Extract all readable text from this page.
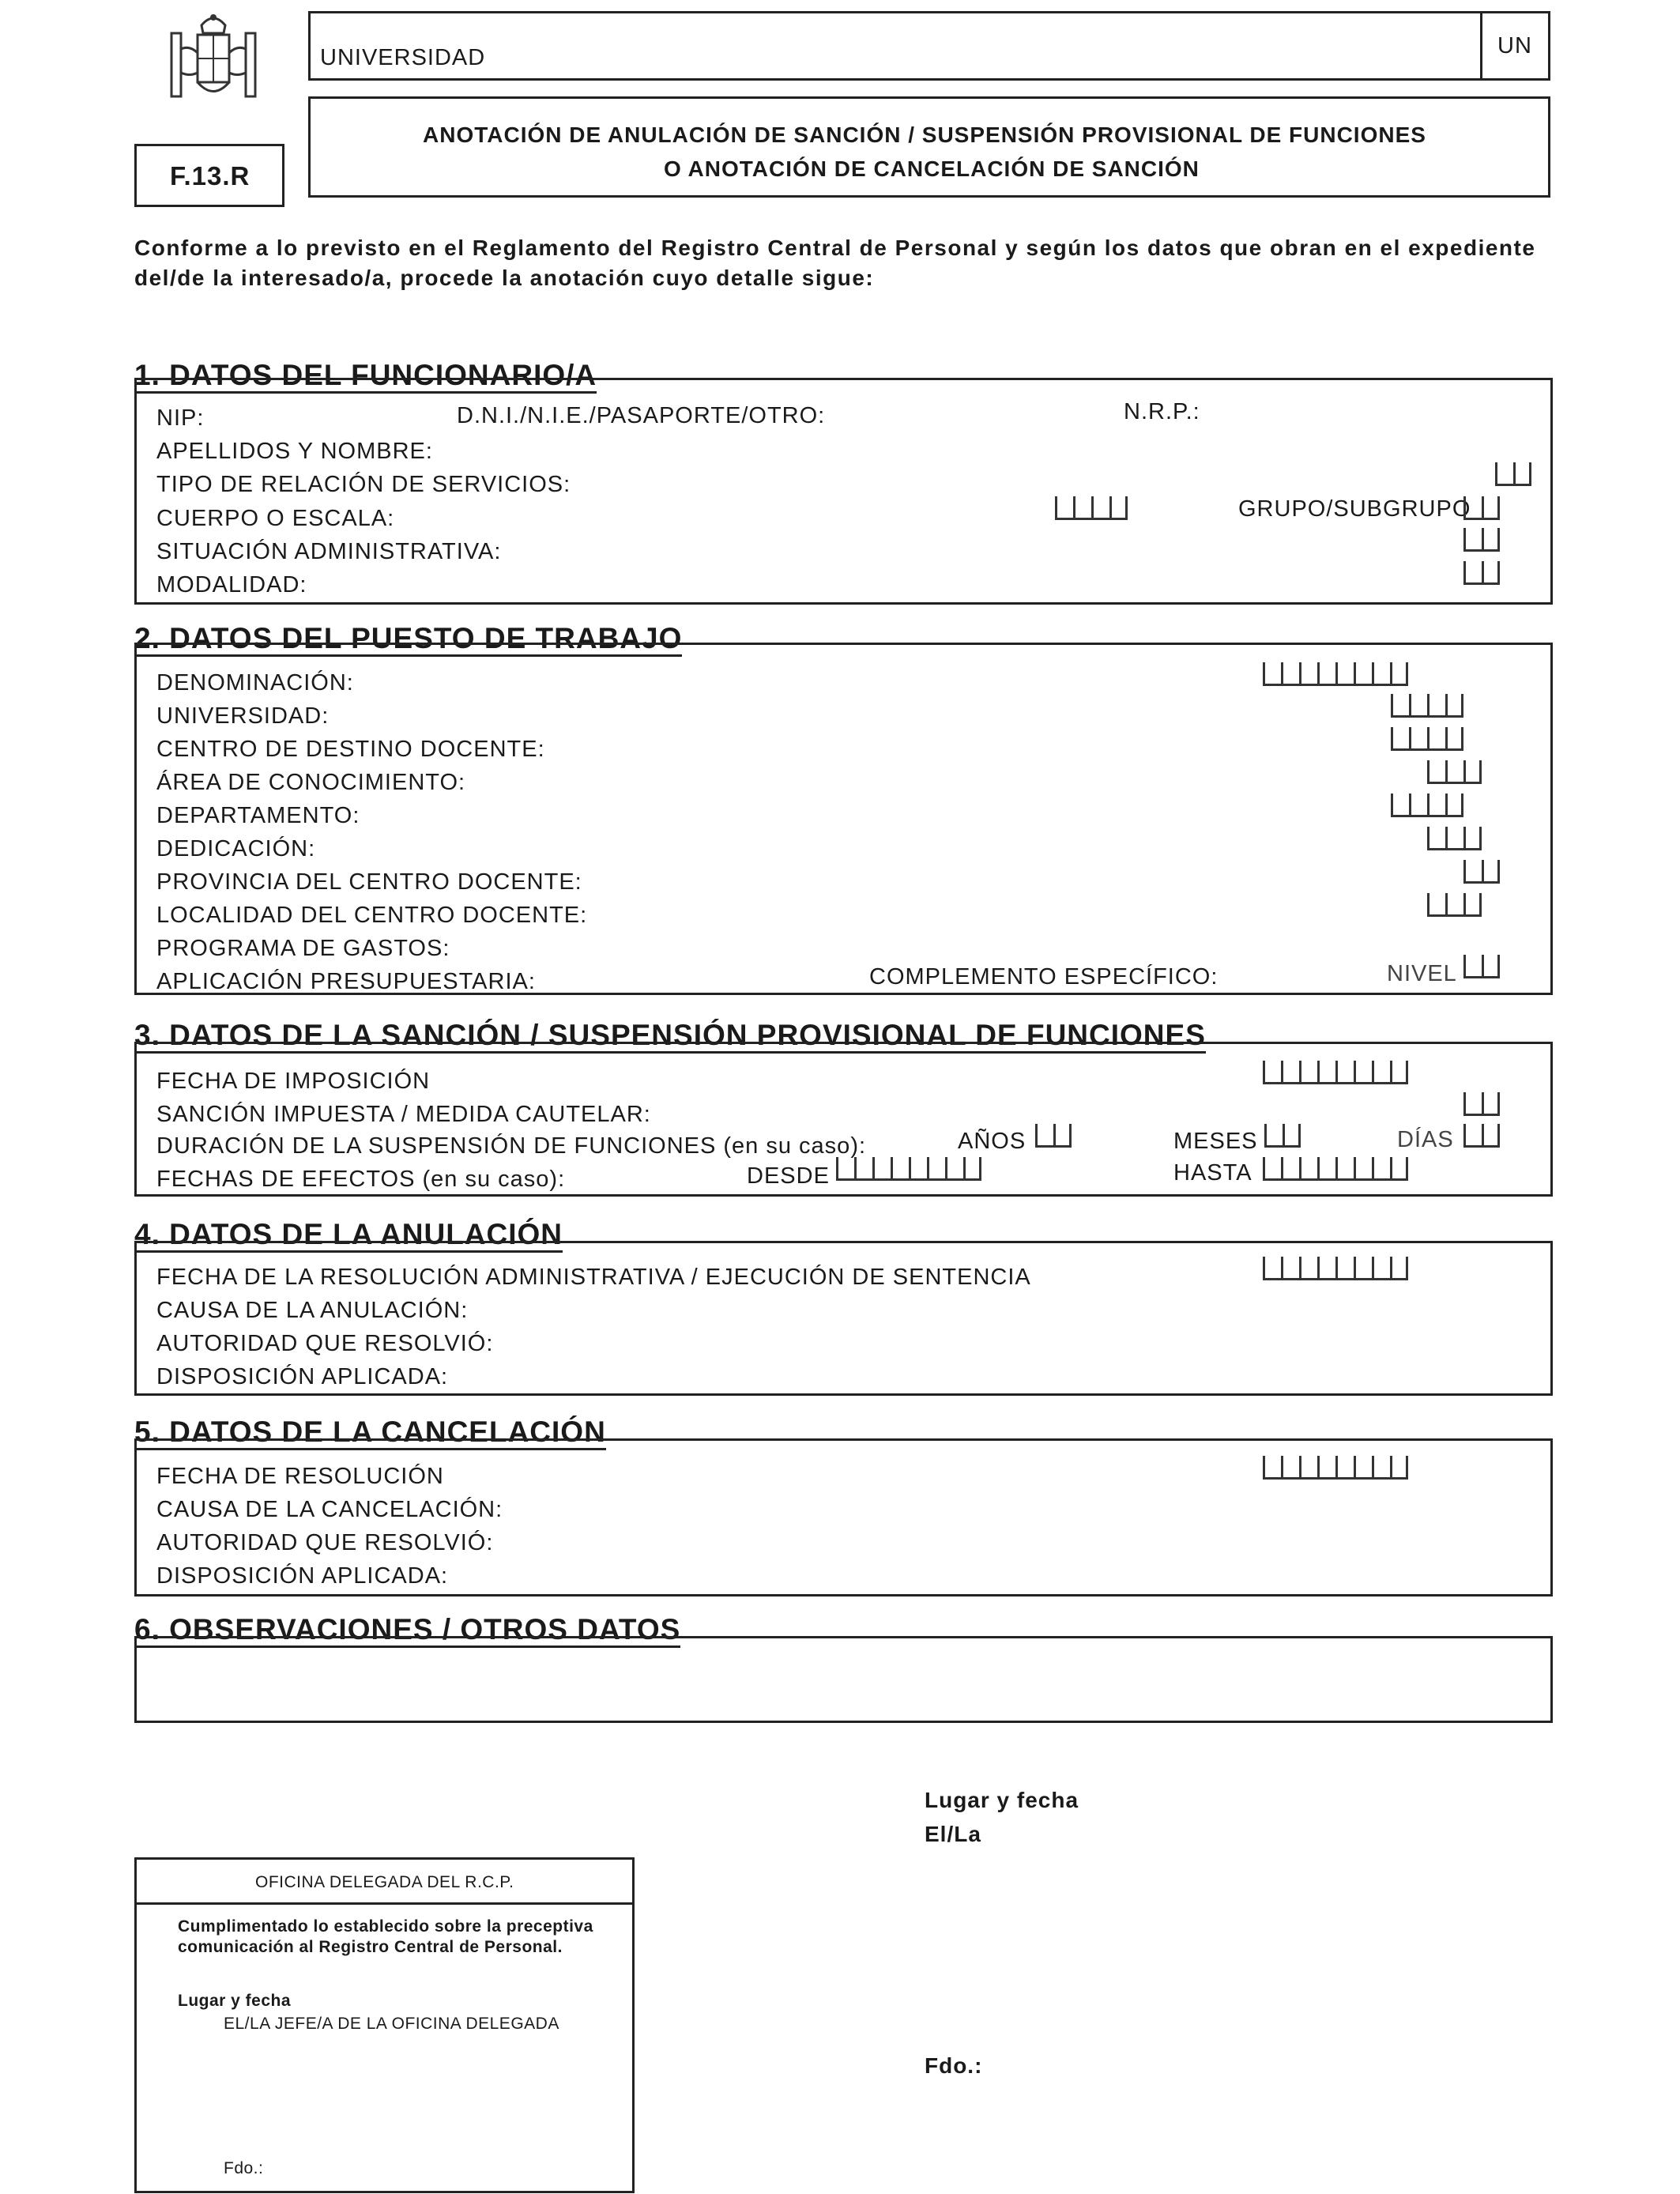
UNIVERSIDAD	UN
F.13.R
ANOTACIÓN DE ANULACIÓN DE SANCIÓN / SUSPENSIÓN PROVISIONAL DE FUNCIONES
O ANOTACIÓN DE CANCELACIÓN DE SANCIÓN
Conforme a lo previsto en el Reglamento del Registro Central de Personal y según los datos que obran en el expediente
del/de la interesado/a, procede la anotación cuyo detalle sigue:
1. DATOS DEL FUNCIONARIO/A
NIP:	D.N.I./N.I.E./PASAPORTE/OTRO:	N.R.P.:
APELLIDOS Y NOMBRE:
TIPO DE RELACIÓN DE SERVICIOS:
CUERPO O ESCALA:	GRUPO/SUBGRUPO
SITUACIÓN ADMINISTRATIVA:
MODALIDAD:
2. DATOS DEL PUESTO DE TRABAJO
DENOMINACIÓN:
UNIVERSIDAD:
CENTRO DE DESTINO DOCENTE:
ÁREA DE CONOCIMIENTO:
DEPARTAMENTO:
DEDICACIÓN:
PROVINCIA DEL CENTRO DOCENTE:
LOCALIDAD DEL CENTRO DOCENTE:
PROGRAMA DE GASTOS:
APLICACIÓN PRESUPUESTARIA:	COMPLEMENTO ESPECÍFICO:	NIVEL
3. DATOS DE LA SANCIÓN / SUSPENSIÓN PROVISIONAL DE FUNCIONES
FECHA DE IMPOSICIÓN
SANCIÓN IMPUESTA / MEDIDA CAUTELAR:
DURACIÓN DE LA SUSPENSIÓN DE FUNCIONES (en su caso):	AÑOS	MESES	DÍAS
FECHAS DE EFECTOS (en su caso):	DESDE	HASTA
4. DATOS DE LA ANULACIÓN
FECHA DE LA RESOLUCIÓN ADMINISTRATIVA / EJECUCIÓN DE SENTENCIA
CAUSA DE LA ANULACIÓN:
AUTORIDAD QUE RESOLVIÓ:
DISPOSICIÓN APLICADA:
5. DATOS DE LA CANCELACIÓN
FECHA DE RESOLUCIÓN
CAUSA DE LA CANCELACIÓN:
AUTORIDAD QUE RESOLVIÓ:
DISPOSICIÓN APLICADA:
6. OBSERVACIONES / OTROS DATOS
Lugar y fecha
El/La
Fdo.:
OFICINA DELEGADA DEL R.C.P.
Cumplimentado lo establecido sobre la preceptiva
comunicación al Registro Central de Personal.
Lugar y fecha
EL/LA JEFE/A DE LA OFICINA DELEGADA
Fdo.:
